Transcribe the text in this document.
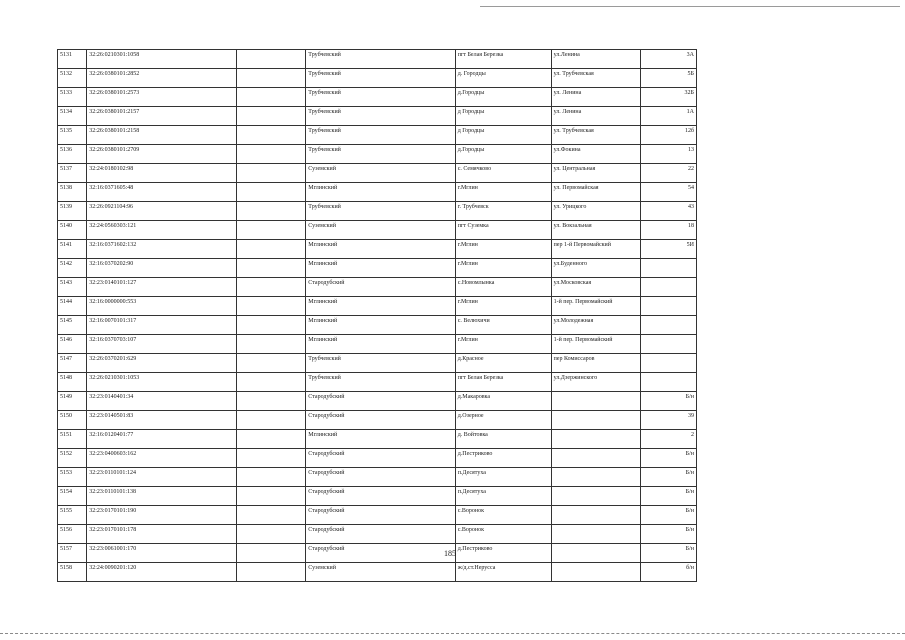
5131	32:26:0210301:1058		Трубчевский	пгт Белая Березка	ул.Ленина	3А
5132	32:26:0380101:2852		Трубчевский	д. Городцы	ул. Трубчевская	5Б
5133	32:26:0380101:2573		Трубчевский	д.Городцы	ул. Ленина	32Б
5134	32:26:0380101:2157		Трубчевский	д Городцы	ул. Ленина	1А
5135	32:26:0380101:2158		Трубчевский	д Городцы	ул. Трубчевская	12б
5136	32:26:0380101:2709		Трубчевский	д.Городцы	ул.Фокина	13
5137	32:24:0180102:98		Суземский	с. Семячково	ул. Центральная	22
5138	32:16:0371605:48		Мглинский	г.Мглин	ул. Первомайская	54
5139	32:26:0921104:96		Трубчевский	г. Трубчевск	ул. Урицкого	43
5140	32:24:0560303:121		Суземский	пгт Суземка	ул. Вокзальная	18
5141	32:16:0371602:132		Мглинский	г.Мглин	пер 1-й Первомайский	5И
5142	32:16:0370202:90		Мглинский	г.Мглин	ул.Буденного	
5143	32:23:0140101:127		Стародубский	с.Новомлынка	ул.Московская	
5144	32:16:0000000:553		Мглинский	г.Мглин	1-й пер. Первомайский	
5145	32:16:0070101:317		Мглинский	с. Велюхичи	ул.Молодежная	
5146	32:16:0370703:107		Мглинский	г.Мглин	1-й пер. Первомайский	
5147	32:26:0370201:629		Трубчевский	д.Красное	пер Комиссаров	
5148	32:26:0210301:1053		Трубчевский	пгт Белая Березка	ул.Дзержинского	
5149	32:23:0140401:34		Стародубский	д.Макаровка		Б/н
5150	32:23:0140501:83		Стародубский	д.Озерное		39
5151	32:16:0120401:77		Мглинский	д. Войтовка		2
5152	32:23:0400603:162		Стародубский	д.Пестриково		Б/н
5153	32:23:0110101:124		Стародубский	п.Десятуха		Б/н
5154	32:23:0110101:138		Стародубский	п.Десятуха		Б/н
5155	32:23:0170101:190		Стародубский	с.Воронок		Б/н
5156	32:23:0170101:178		Стародубский	с.Воронок		Б/н
5157	32:23:0061001:170		Стародубский	д.Пестриково		Б/н
5158	32:24:0090201:120		Суземский	ж/д.ст.Нерусса		б/н
185
